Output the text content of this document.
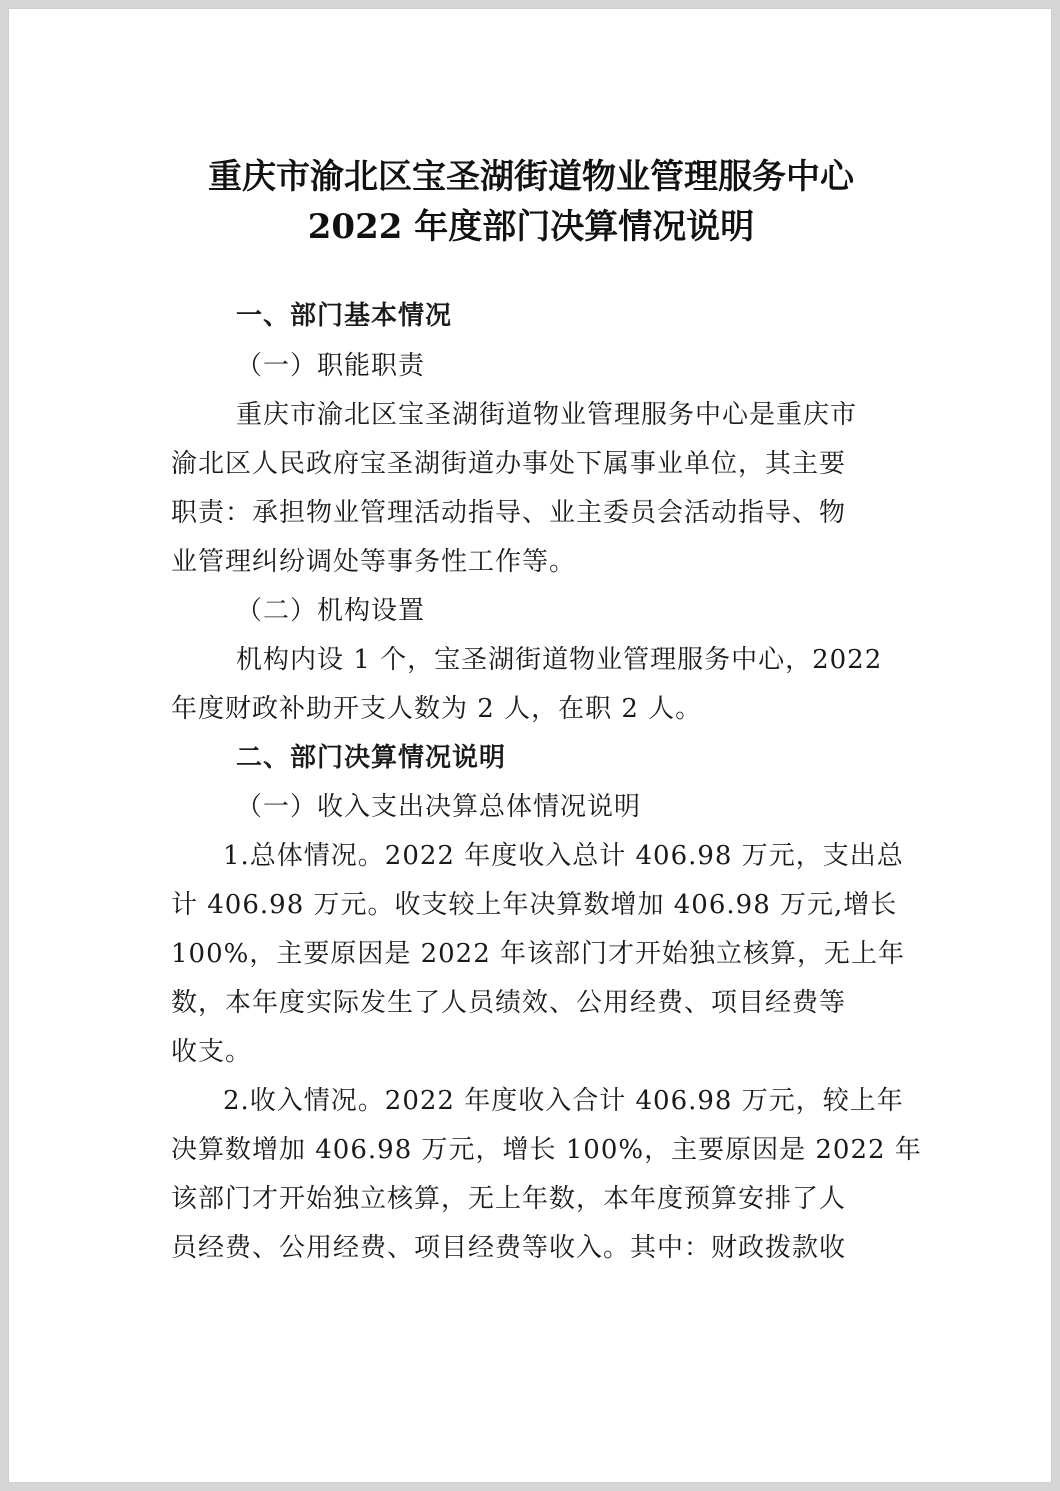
重庆市渝北区宝圣湖街道物业管理服务中心
2022 年度部门决算情况说明
一、部门基本情况
（一）职能职责
重庆市渝北区宝圣湖街道物业管理服务中心是重庆市
渝北区人民政府宝圣湖街道办事处下属事业单位，其主要
职责：承担物业管理活动指导、业主委员会活动指导、物
业管理纠纷调处等事务性工作等。
（二）机构设置
机构内设 1 个，宝圣湖街道物业管理服务中心，2022
年度财政补助开支人数为 2 人，在职 2 人。
二、部门决算情况说明
（一）收入支出决算总体情况说明
1.总体情况。2022 年度收入总计 406.98 万元，支出总
计 406.98 万元。收支较上年决算数增加 406.98 万元,增长
100%，主要原因是 2022 年该部门才开始独立核算，无上年
数，本年度实际发生了人员绩效、公用经费、项目经费等
收支。
2.收入情况。2022 年度收入合计 406.98 万元，较上年
决算数增加 406.98 万元，增长 100%，主要原因是 2022 年
该部门才开始独立核算，无上年数，本年度预算安排了人
员经费、公用经费、项目经费等收入。其中：财政拨款收
